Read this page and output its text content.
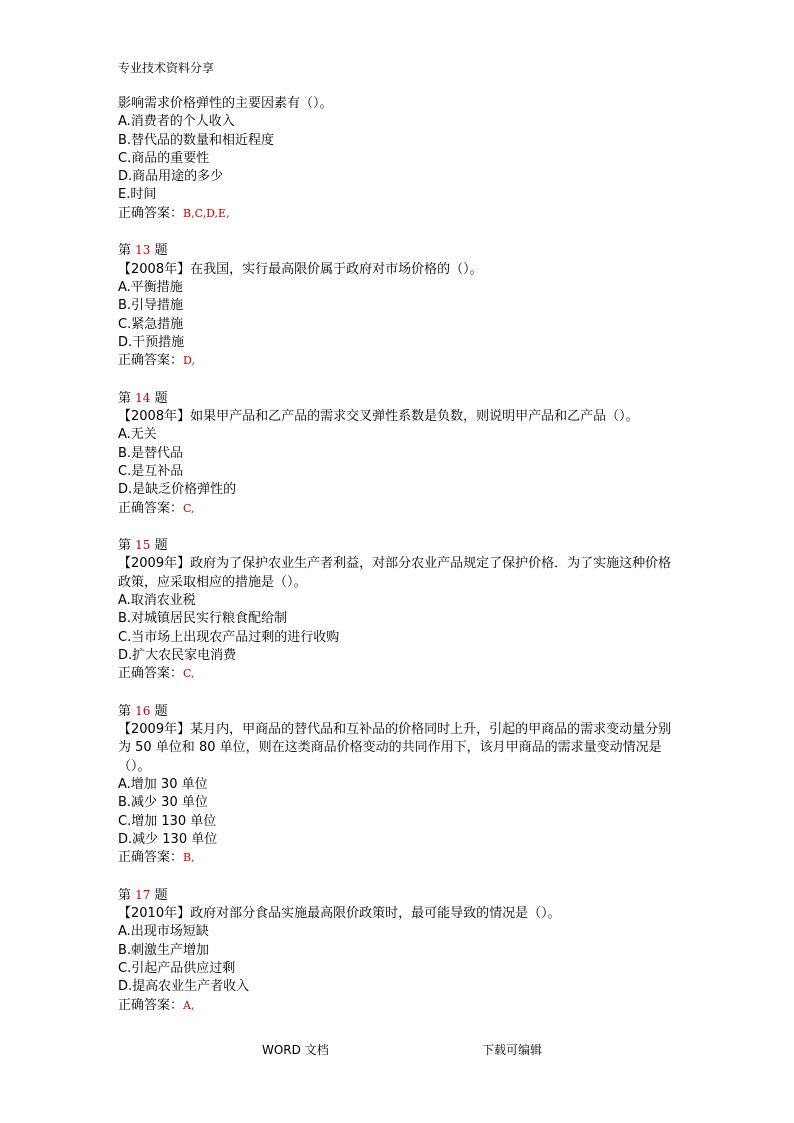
专业技术资料分享
影响需求价格弹性的主要因素有（）。
A.消费者的个人收入
B.替代品的数量和相近程度
C.商品的重要性
D.商品用途的多少
E.时间
正确答案：B,C,D,E,
第 13 题
【2008年】在我国，实行最高限价属于政府对市场价格的（）。
A.平衡措施
B.引导措施
C.紧急措施
D.干预措施
正确答案：D,
第 14 题
【2008年】如果甲产品和乙产品的需求交叉弹性系数是负数，则说明甲产品和乙产品（）。
A.无关
B.是替代品
C.是互补品
D.是缺乏价格弹性的
正确答案：C,
第 15 题
【2009年】政府为了保护农业生产者利益，对部分农业产品规定了保护价格．为了实施这种价格政策，应采取相应的措施是（）。
A.取消农业税
B.对城镇居民实行粮食配给制
C.当市场上出现农产品过剩的进行收购
D.扩大农民家电消费
正确答案：C,
第 16 题
【2009年】某月内，甲商品的替代品和互补品的价格同时上升，引起的甲商品的需求变动量分别为 50 单位和 80 单位，则在这类商品价格变动的共同作用下，该月甲商品的需求量变动情况是（）。
A.增加 30 单位
B.减少 30 单位
C.增加 130 单位
D.减少 130 单位
正确答案：B,
第 17 题
【2010年】政府对部分食品实施最高限价政策时，最可能导致的情况是（）。
A.出现市场短缺
B.刺激生产增加
C.引起产品供应过剩
D.提高农业生产者收入
正确答案：A,
WORD 文档	下载可编辑
